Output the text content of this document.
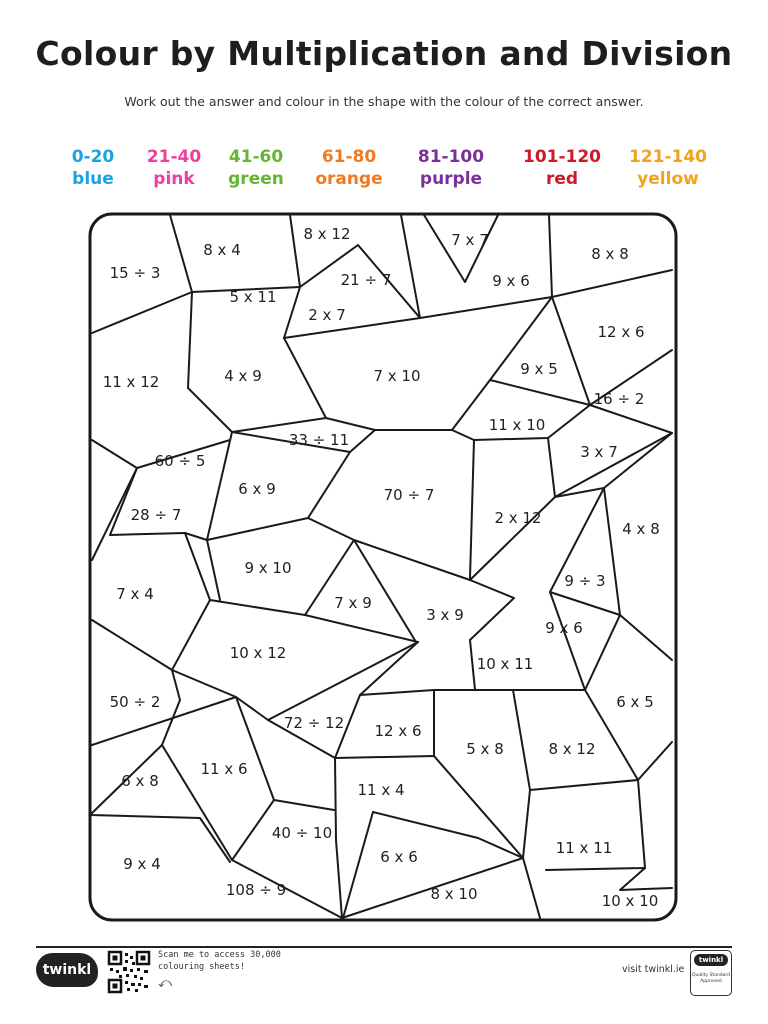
Colour by Multiplication and Division
Work out the answer and colour in the shape with the colour of the correct answer.
0-20
blue
21-40
pink
41-60
green
61-80
orange
81-100
purple
101-120
red
121-140
yellow
15 ÷ 3
8 x 4
8 x 12	7 x 7
8 x 8
21 ÷ 7	9 x 6
5 x 11
2 x 7
12 x 6
11 x 12	4 x 9	7 x 10	9 x 5
16 ÷ 2
11 x 10
33 ÷ 11
3 x 7
60 ÷ 5
6 x 9	70 ÷ 7
28 ÷ 7	2 x 12
4 x 8
9 x 10
9 ÷ 3
7 x 4	7 x 9
3 x 9
9 x 6
10 x 12
10 x 11
50 ÷ 2	6 x 5
72 ÷ 12 12 x 6
5 x 8	8 x 12
11 x 6
6 x 8	11 x 4
40 ÷ 10
11 x 11
6 x 6
9 x 4
108 ÷ 9	8 x 10	10 x 10
twinkl
Scan me to access 30,000 colouring sheets!
⤺
visit twinkl.ie
twinkl
Quality Standard Approved
